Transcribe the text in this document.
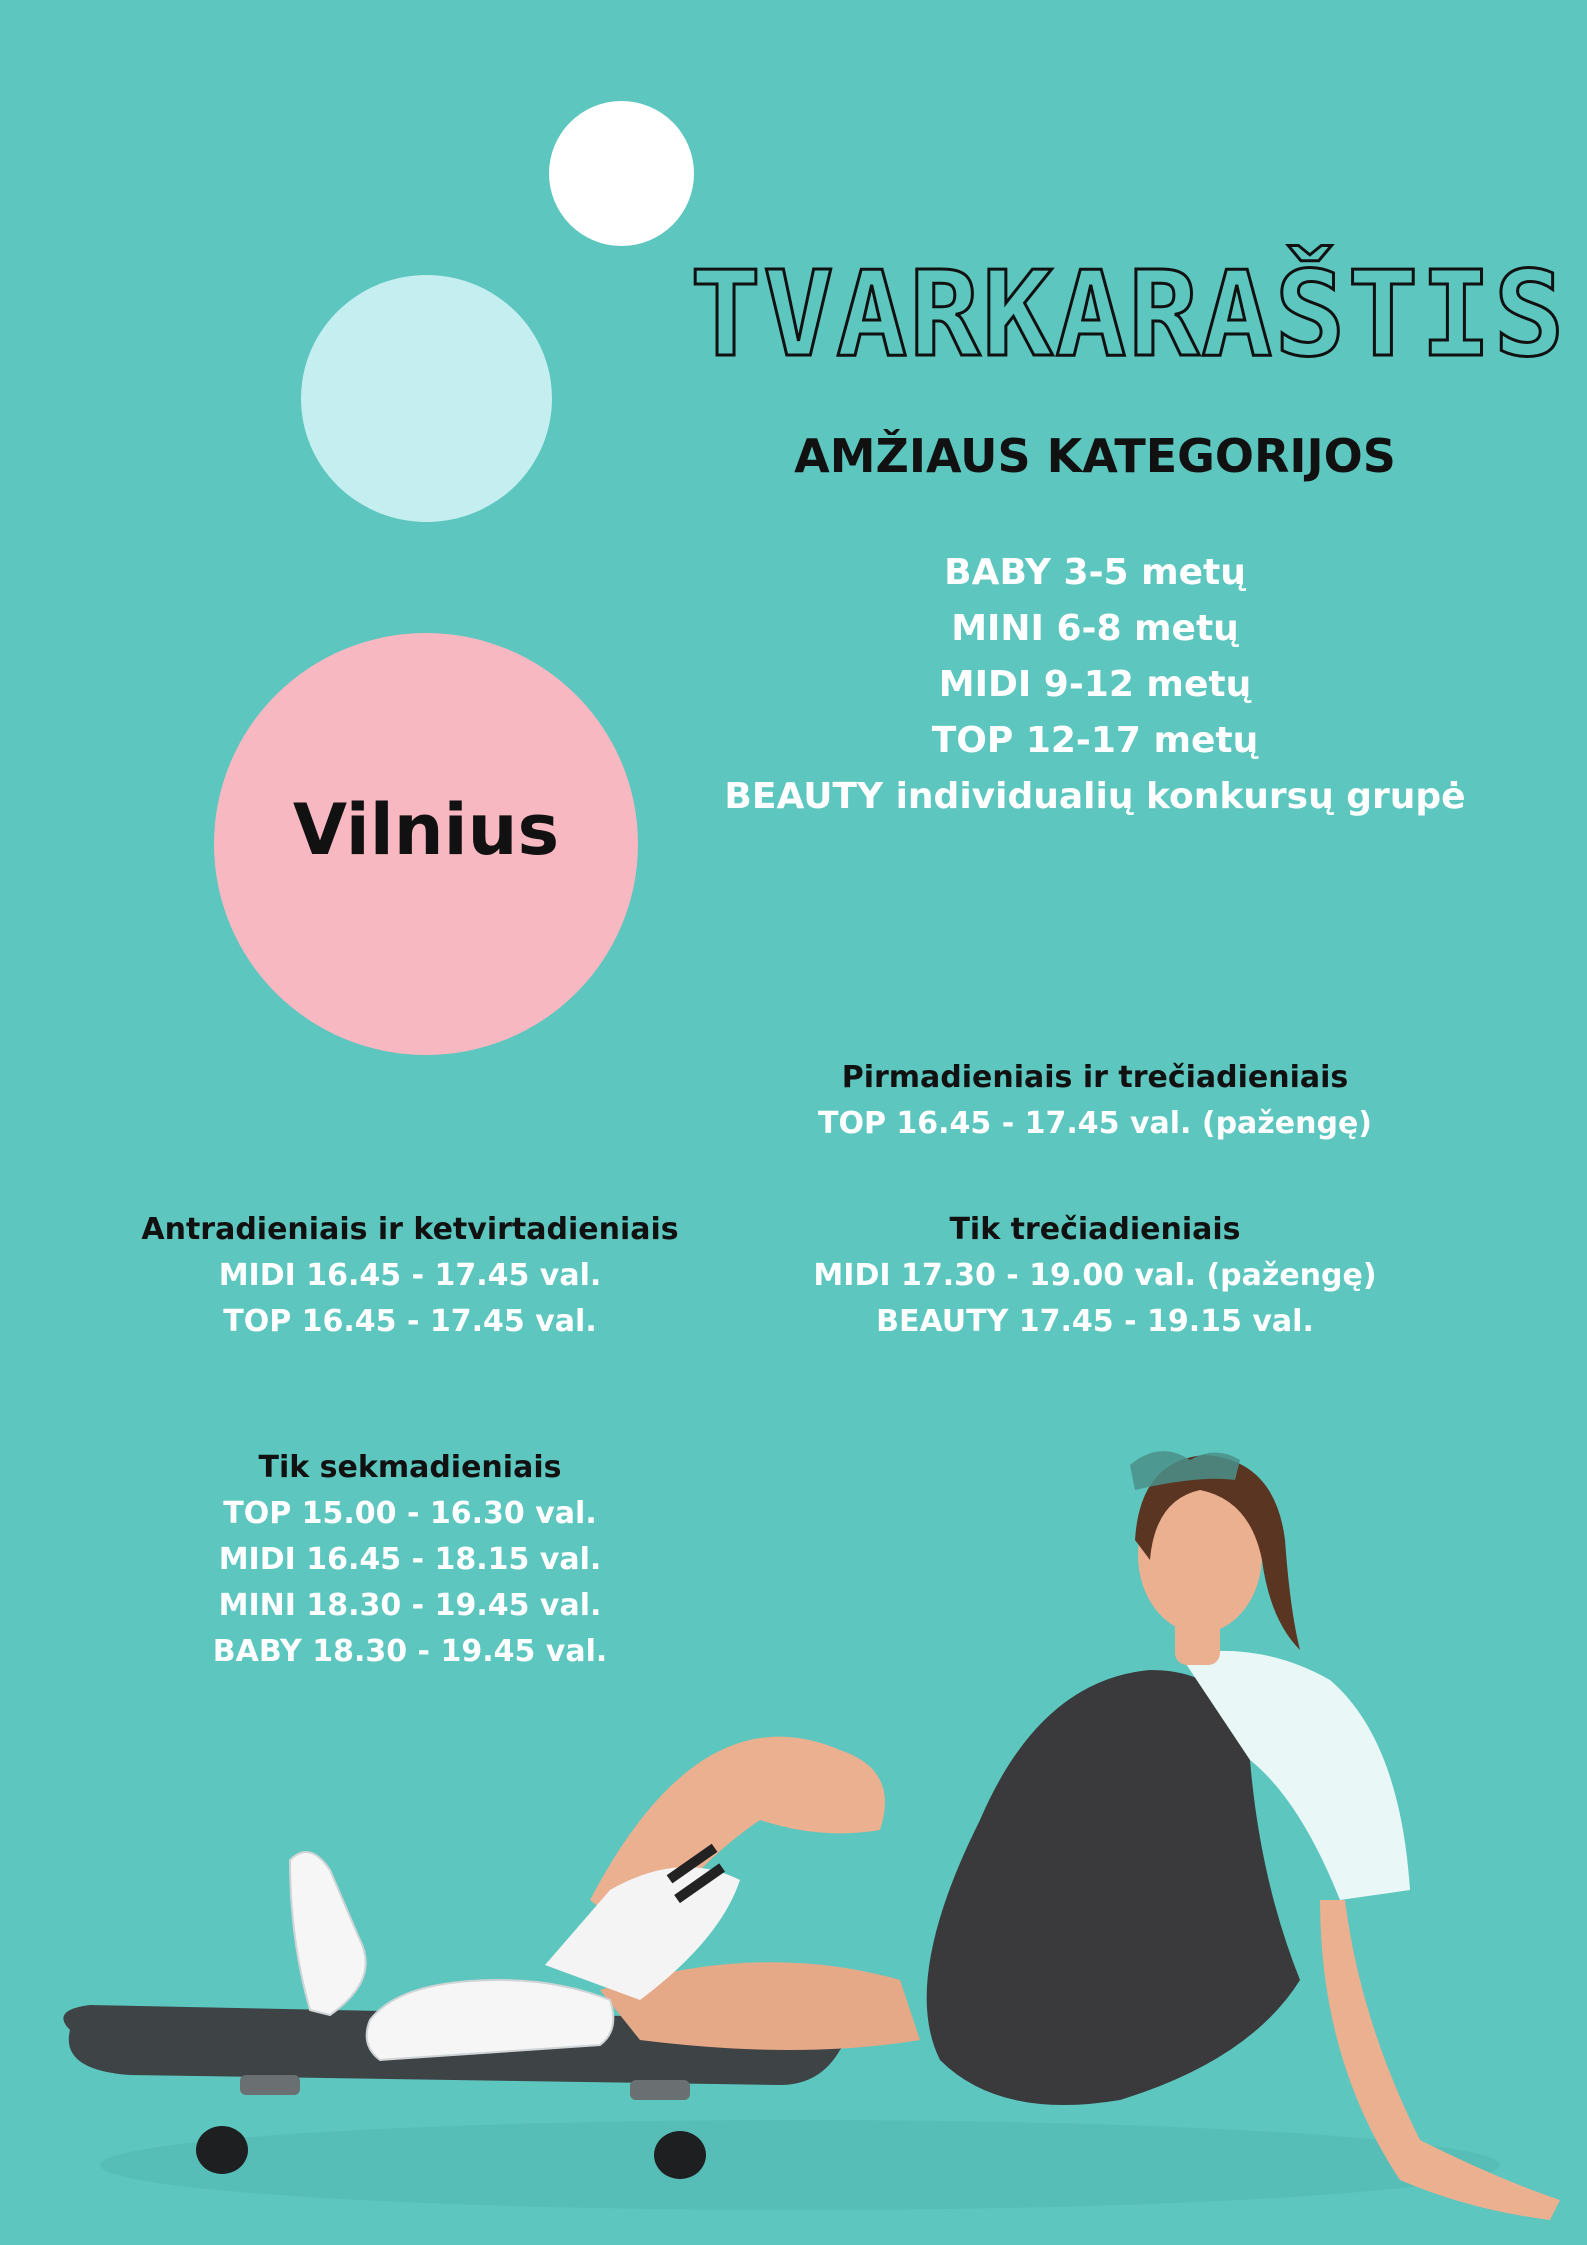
Vilnius
TVARKARAŠTIS
AMŽIAUS KATEGORIJOS
BABY 3-5 metų
MINI 6-8 metų
MIDI 9-12 metų
TOP 12-17 metų
BEAUTY individualių konkursų grupė
Pirmadieniais ir trečiadieniais
TOP 16.45 - 17.45 val. (pažengę)
Antradieniais ir ketvirtadieniais
MIDI 16.45 - 17.45 val.
TOP 16.45 - 17.45 val.
Tik trečiadieniais
MIDI 17.30 - 19.00 val. (pažengę)
BEAUTY 17.45 - 19.15 val.
Tik sekmadieniais
TOP 15.00 - 16.30 val.
MIDI 16.45 - 18.15 val.
MINI 18.30 - 19.45 val.
BABY 18.30 - 19.45 val.
